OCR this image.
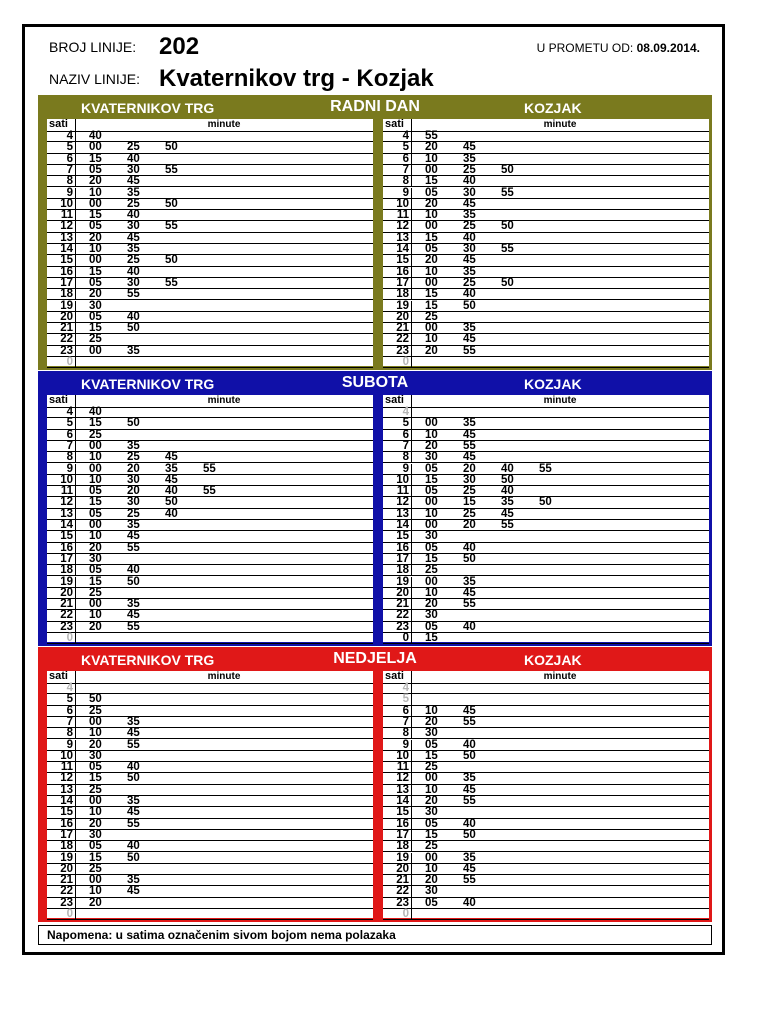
BROJ LINIJE: 202
NAZIV LINIJE: Kvaternikov trg - Kozjak
U PROMETU OD: 08.09.2014.
RADNI DAN
KVATERNIKOV TRG	KOZJAK
sati	minute
4 40
5 00 25 50
6 15 40
7 05 30 55
8 20 45
9 10 35
10 00 25 50
11 15 40
12 05 30 55
13 20 45
14 10 35
15 00 25 50
16 15 40
17 05 30 55
18 20 55
19 30
20 05 40
21 15 50
22 25
23 00 35
0
sati	minute
4 55
5 20 45
6 10 35
7 00 25 50
8 15 40
9 05 30 55
10 20 45
11 10 35
12 00 25 50
13 15 40
14 05 30 55
15 20 45
16 10 35
17 00 25 50
18 15 40
19 15 50
20 25
21 00 35
22 10 45
23 20 55
0
SUBOTA
KVATERNIKOV TRG	KOZJAK
sati	minute
4 40
5 15 50
6 25
7 00 35
8 10 25 45
9 00 20 35 55
10 10 30 45
11 05 20 40 55
12 15 30 50
13 05 25 40
14 00 35
15 10 45
16 20 55
17 30
18 05 40
19 15 50
20 25
21 00 35
22 10 45
23 20 55
0
sati	minute
4
5 00 35
6 10 45
7 20 55
8 30 45
9 05 20 40 55
10 15 30 50
11 05 25 40
12 00 15 35 50
13 10 25 45
14 00 20 55
15 30
16 05 40
17 15 50
18 25
19 00 35
20 10 45
21 20 55
22 30
23 05 40
0 15
NEDJELJA
KVATERNIKOV TRG	KOZJAK
sati	minute
4
5 50
6 25
7 00 35
8 10 45
9 20 55
10 30
11 05 40
12 15 50
13 25
14 00 35
15 10 45
16 20 55
17 30
18 05 40
19 15 50
20 25
21 00 35
22 10 45
23 20
0
sati	minute
4
5
6 10 45
7 20 55
8 30
9 05 40
10 15 50
11 25
12 00 35
13 10 45
14 20 55
15 30
16 05 40
17 15 50
18 25
19 00 35
20 10 45
21 20 55
22 30
23 05 40
0
Napomena: u satima označenim sivom bojom nema polazaka
